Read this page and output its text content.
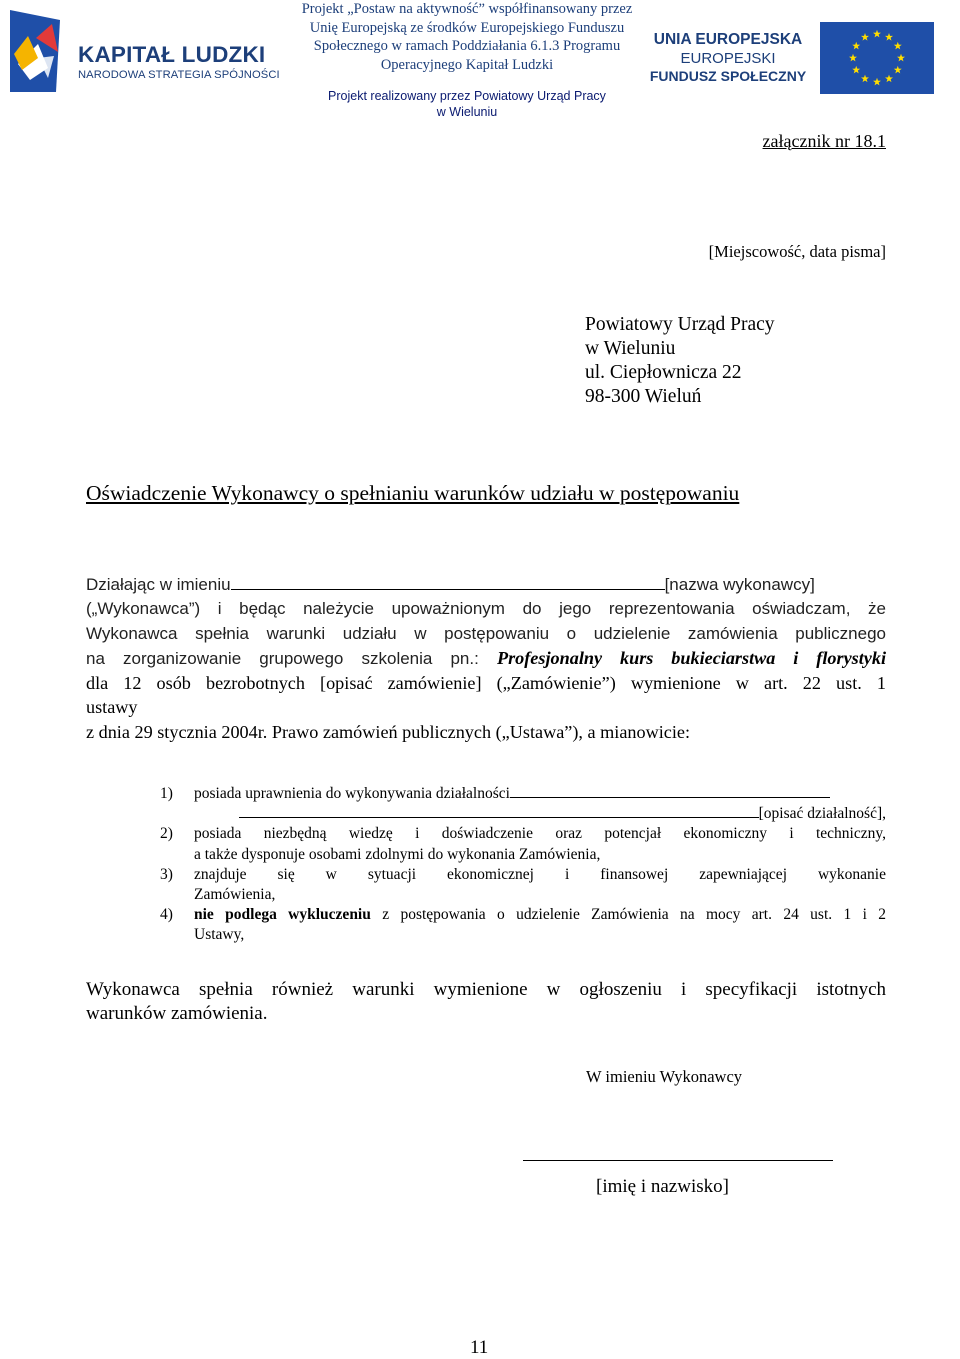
KAPITAŁ LUDZKI
NARODOWA STRATEGIA SPÓJNOŚCI
Projekt „Postaw na aktywność” współfinansowany przez
Unię Europejską ze środków Europejskiego Funduszu
Społecznego w ramach Poddziałania 6.1.3 Programu
Operacyjnego Kapitał Ludzki
Projekt realizowany przez Powiatowy Urząd Pracy
w Wieluniu
UNIA EUROPEJSKA
EUROPEJSKI
FUNDUSZ SPOŁECZNY
załącznik nr 18.1
[Miejscowość, data pisma]
Powiatowy Urząd Pracy
w Wieluniu
ul. Ciepłownicza 22
98-300 Wieluń
Oświadczenie Wykonawcy o spełnianiu warunków udziału w postępowaniu
Działając w imieniu	[nazwa wykonawcy]
(„Wykonawca”) i będąc należycie upoważnionym do jego reprezentowania oświadczam, że
Wykonawca spełnia warunki udziału w postępowaniu o udzielenie zamówienia publicznego
na zorganizowanie grupowego szkolenia pn.: Profesjonalny kurs bukieciarstwa i florystyki
dla 12 osób bezrobotnych [opisać zamówienie] („Zamówienie”) wymienione w art. 22 ust. 1
ustawy
z dnia 29 stycznia 2004r. Prawo zamówień publicznych („Ustawa”), a mianowicie:
1) posiada uprawnienia do wykonywania działalności
[opisać działalność],
2) posiada niezbędną wiedzę i doświadczenie oraz potencjał ekonomiczny i techniczny,
a także dysponuje osobami zdolnymi do wykonania Zamówienia,
3) znajduje się w sytuacji ekonomicznej i finansowej zapewniającej wykonanie
Zamówienia,
4) nie podlega wykluczeniu z postępowania o udzielenie Zamówienia na mocy art. 24 ust. 1 i 2
Ustawy,
Wykonawca spełnia również warunki wymienione w ogłoszeniu i specyfikacji istotnych
warunków zamówienia.
W imieniu Wykonawcy
[imię i nazwisko]
11
